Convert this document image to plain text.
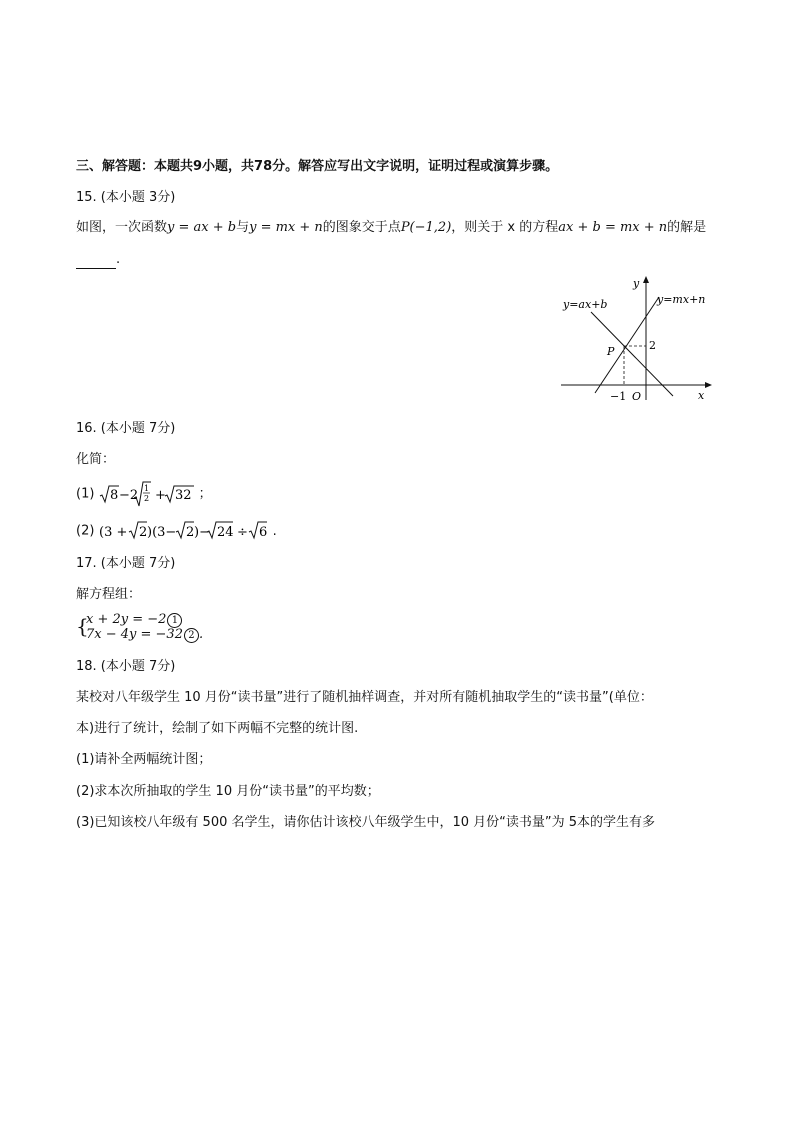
三、解答题：本题共9小题，共78分。解答应写出文字说明，证明过程或演算步骤。
15. (本小题 3分)
如图，一次函数y = ax + b与y = mx + n的图象交于点P(−1,2)，则关于 x 的方程ax + b = mx + n的解是
.
y=ax+b	y=mx+n
y
x
P	2
−1 O
16. (本小题 7分)
化简：
(1) 8 −2 1
2 + 32 ；
(2) (3 + 2 )(3− 2 )− 24 ÷ 6 .
17. (本小题 7分)
解方程组：
{
x + 2y = −2 1
7x − 4y = −32 2 .
18. (本小题 7分)
某校对八年级学生 10 月份“读书量”进行了随机抽样调查，并对所有随机抽取学生的“读书量”(单位：
本)进行了统计，绘制了如下两幅不完整的统计图.
(1)请补全两幅统计图；
(2)求本次所抽取的学生 10 月份“读书量”的平均数；
(3)已知该校八年级有 500 名学生，请你估计该校八年级学生中，10 月份“读书量”为 5本的学生有多
